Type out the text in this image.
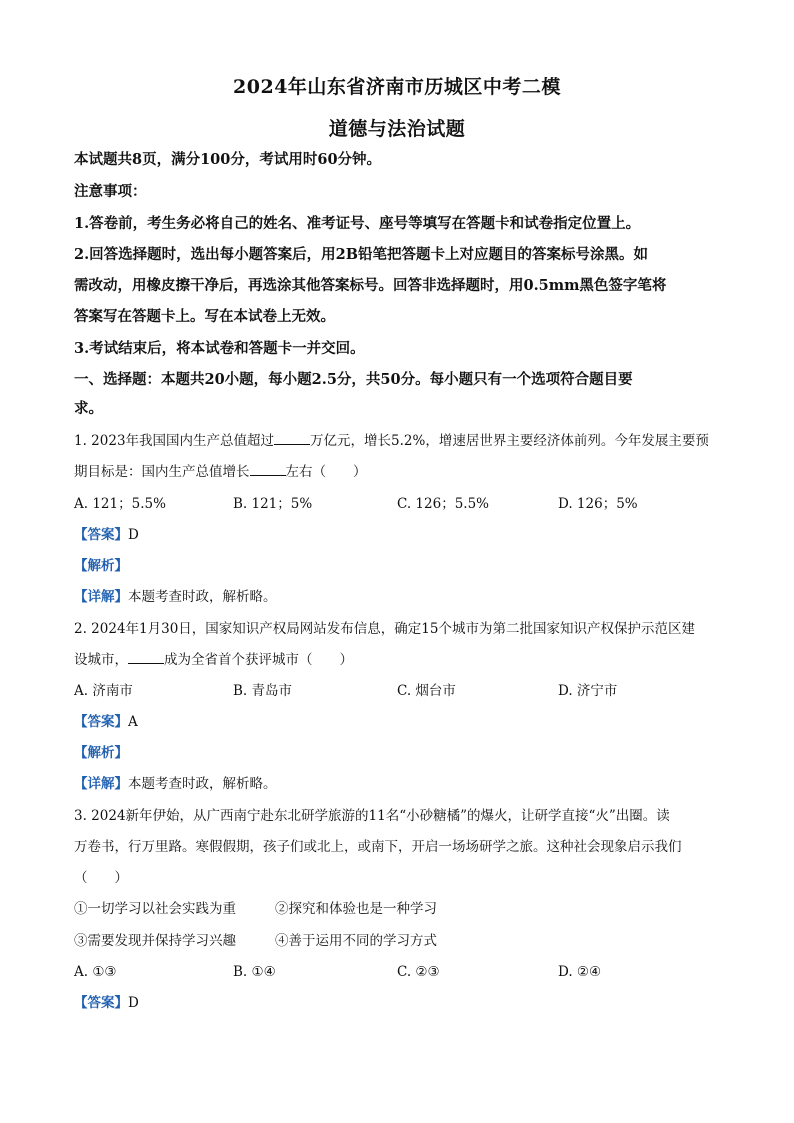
2024年山东省济南市历城区中考二模
道德与法治试题
本试题共8页，满分100分，考试用时60分钟。
注意事项：
1.答卷前，考生务必将自己的姓名、准考证号、座号等填写在答题卡和试卷指定位置上。
2.回答选择题时，选出每小题答案后，用2B铅笔把答题卡上对应题目的答案标号涂黑。如
需改动，用橡皮擦干净后，再选涂其他答案标号。回答非选择题时，用0.5mm黑色签字笔将
答案写在答题卡上。写在本试卷上无效。
3.考试结束后，将本试卷和答题卡一并交回。
一、选择题：本题共20小题，每小题2.5分，共50分。每小题只有一个选项符合题目要
求。
1. 2023年我国国内生产总值超过	万亿元，增长5.2%，增速居世界主要经济体前列。今年发展主要预
期目标是：国内生产总值增长	左右（　　）
A. 121；5.5%	B. 121；5%	C. 126；5.5%	D. 126；5%
【答案】D
【解析】
【详解】本题考查时政，解析略。
2. 2024年1月30日，国家知识产权局网站发布信息，确定15个城市为第二批国家知识产权保护示范区建
设城市，	成为全省首个获评城市（　　）
A. 济南市	B. 青岛市	C. 烟台市	D. 济宁市
【答案】A
【解析】
【详解】本题考查时政，解析略。
3. 2024新年伊始，从广西南宁赴东北研学旅游的11名“小砂糖橘”的爆火，让研学直接“火”出圈。读
万卷书，行万里路。寒假假期，孩子们或北上，或南下，开启一场场研学之旅。这种社会现象启示我们
（　　）
①一切学习以社会实践为重	②探究和体验也是一种学习
③需要发现并保持学习兴趣	④善于运用不同的学习方式
A. ①③	B. ①④	C. ②③	D. ②④
【答案】D
